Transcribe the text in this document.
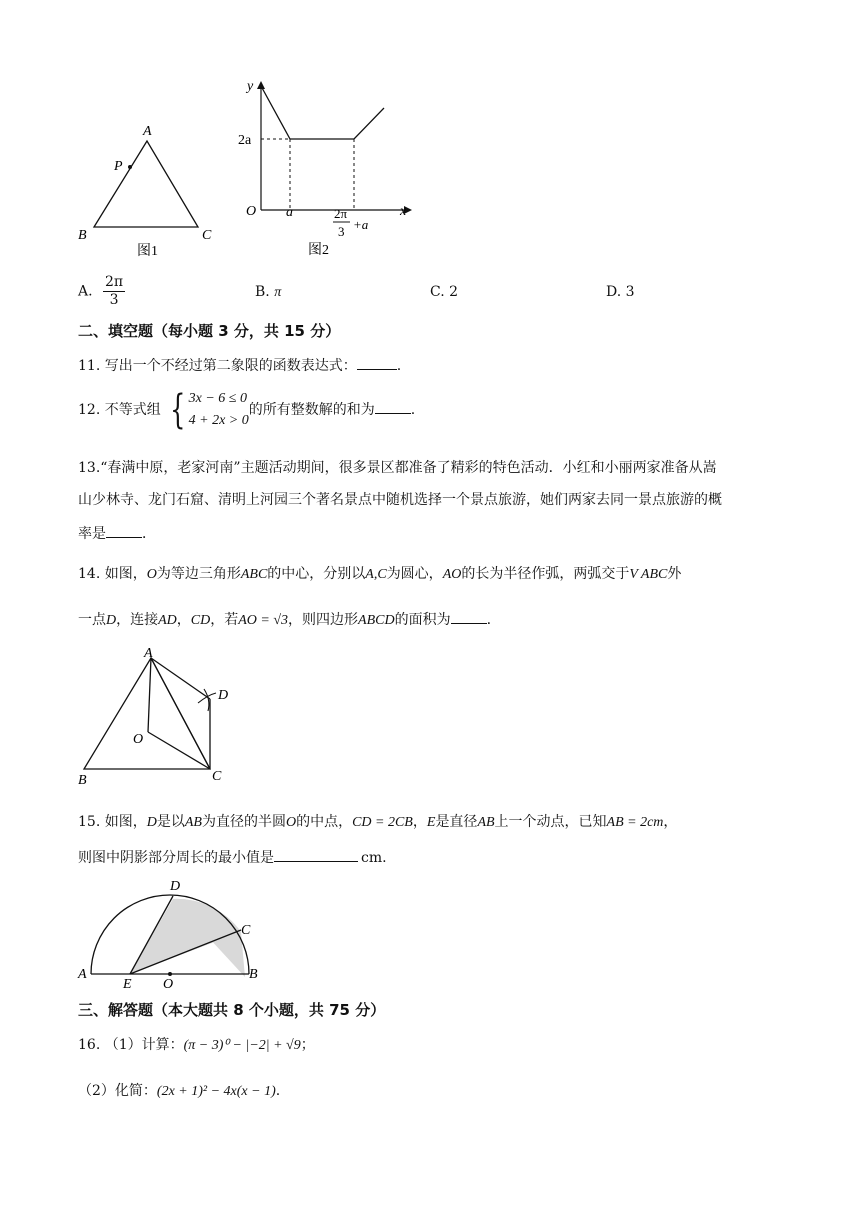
A
P
B	C
图1
y
x
O
2a
a	2π
3 +a
图2
A. $\frac{2\pi}{3}$	B. π	C. 2	D. 3
二、填空题（每小题 3 分，共 15 分）
11. 写出一个不经过第二象限的函数表达式：	.
12. 不等式组 { 3x − 6 ≤ 0
4 + 2x > 0
的所有整数解的和为	.
13.“春满中原，老家河南”主题活动期间，很多景区都准备了精彩的特色活动．小红和小丽两家准备从嵩
山少林寺、龙门石窟、清明上河园三个著名景点中随机选择一个景点旅游，她们两家去同一景点旅游的概
率是	．
14. 如图，O为等边三角形ABC的中心，分别以A,C为圆心，AO的长为半径作弧，两弧交于V ABC外
一点D，连接AD，CD，若AO = √3，则四边形ABCD的面积为	.
A
D
O
B	C
15. 如图，D是以AB为直径的半圆O的中点，CD = 2CB，E是直径AB上一个动点，已知AB = 2cm，
则图中阴影部分周长的最小值是	cm.
D
C
A	B
E O
三、解答题（本大题共 8 个小题，共 75 分）
16. （1）计算：(π − 3)⁰ − |−2| + √9；
（2）化简：(2x + 1)² − 4x(x − 1).
